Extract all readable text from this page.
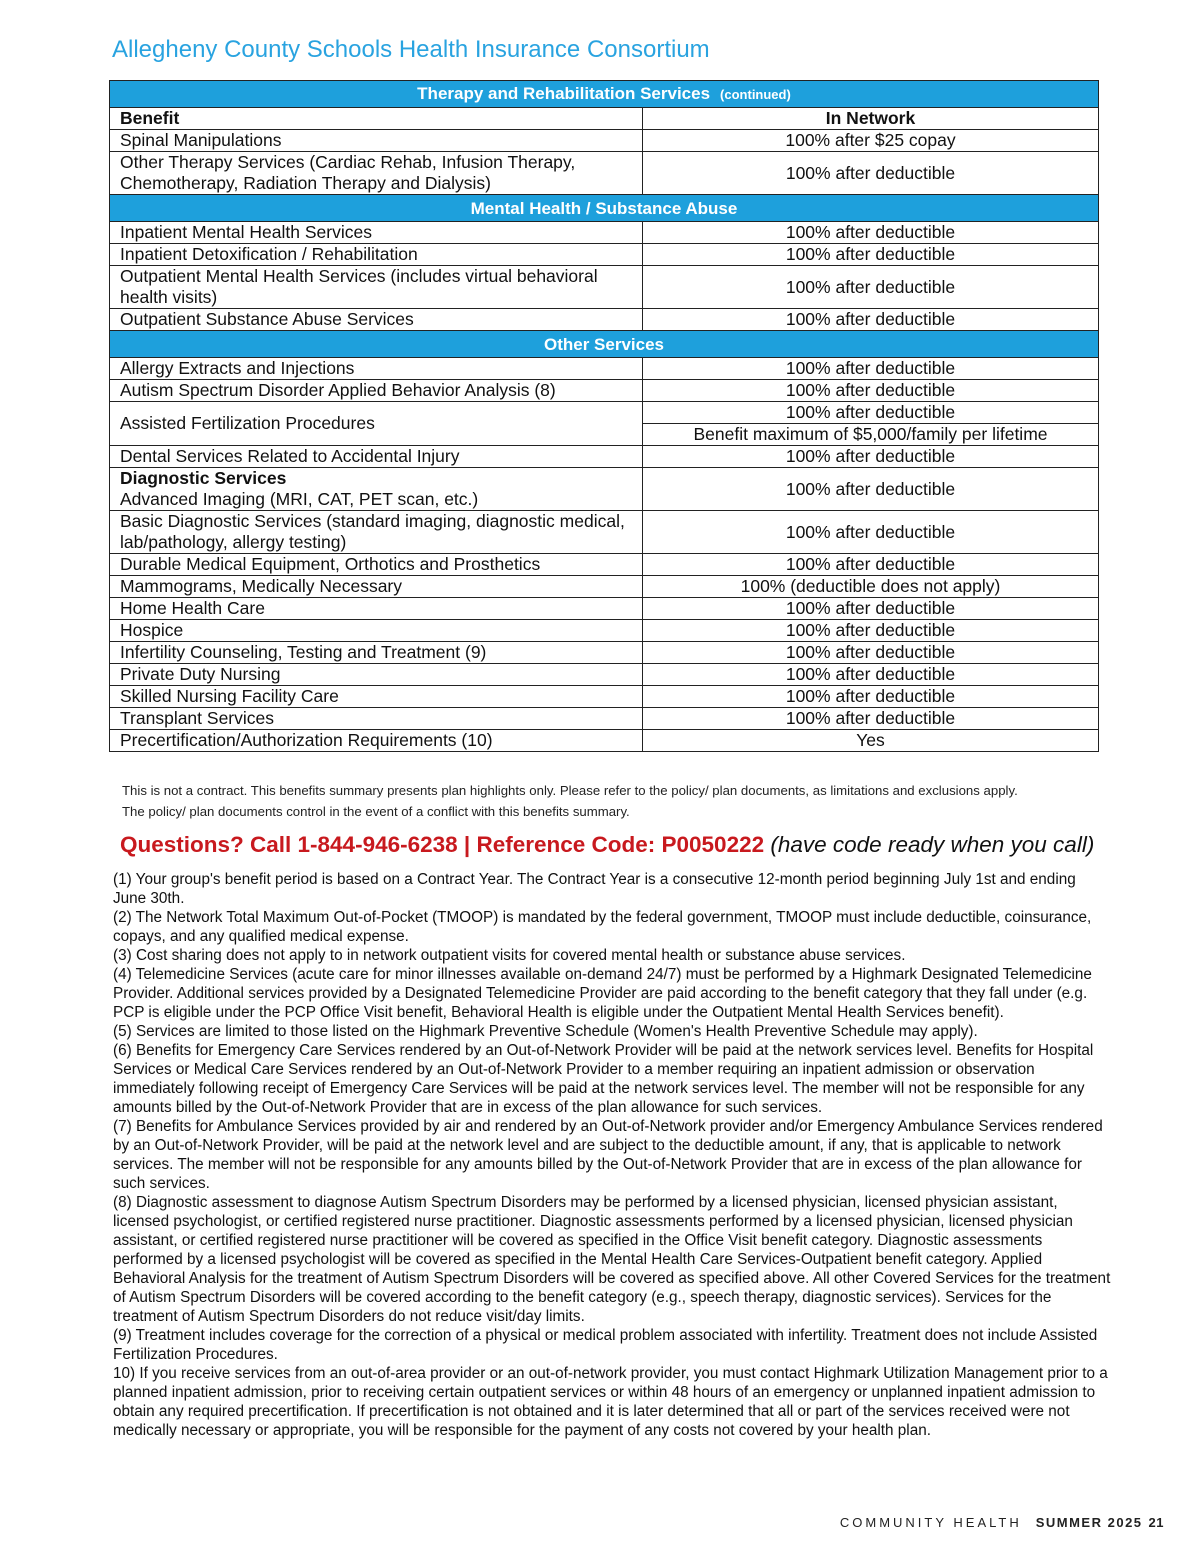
Allegheny County Schools Health Insurance Consortium
Therapy and Rehabilitation Services (continued)	
Benefit	In Network
Spinal Manipulations	100% after $25 copay
Other Therapy Services (Cardiac Rehab, Infusion Therapy, Chemotherapy, Radiation Therapy and Dialysis)	100% after deductible
Mental Health / Substance Abuse	
Inpatient Mental Health Services	100% after deductible
Inpatient Detoxification / Rehabilitation	100% after deductible
Outpatient Mental Health Services (includes virtual behavioral health visits)	100% after deductible
Outpatient Substance Abuse Services	100% after deductible
Other Services	
Allergy Extracts and Injections	100% after deductible
Autism Spectrum Disorder Applied Behavior Analysis (8)	100% after deductible
Assisted Fertilization Procedures	100% after deductible
	Benefit maximum of $5,000/family per lifetime
Dental Services Related to Accidental Injury	100% after deductible
Diagnostic Services
Advanced Imaging (MRI, CAT, PET scan, etc.)	100% after deductible
Basic Diagnostic Services (standard imaging, diagnostic medical, lab/pathology, allergy testing)	100% after deductible
Durable Medical Equipment, Orthotics and Prosthetics	100% after deductible
Mammograms, Medically Necessary	100% (deductible does not apply)
Home Health Care	100% after deductible
Hospice	100% after deductible
Infertility Counseling, Testing and Treatment (9)	100% after deductible
Private Duty Nursing	100% after deductible
Skilled Nursing Facility Care	100% after deductible
Transplant Services	100% after deductible
Precertification/Authorization Requirements (10)	Yes

This is not a contract. This benefits summary presents plan highlights only. Please refer to the policy/ plan documents, as limitations and exclusions apply.

The policy/ plan documents control in the event of a conflict with this benefits summary.

Questions? Call 1-844-946-6238 | Reference Code: P0050222 (have code ready when you call)

(1) Your group's benefit period is based on a Contract Year. The Contract Year is a consecutive 12-month period beginning July 1st and ending June 30th.

(2) The Network Total Maximum Out-of-Pocket (TMOOP) is mandated by the federal government, TMOOP must include deductible, coinsurance, copays, and any qualified medical expense.

(3) Cost sharing does not apply to in network outpatient visits for covered mental health or substance abuse services.

(4) Telemedicine Services (acute care for minor illnesses available on-demand 24/7) must be performed by a Highmark Designated Telemedicine Provider. Additional services provided by a Designated Telemedicine Provider are paid according to the benefit category that they fall under (e.g. PCP is eligible under the PCP Office Visit benefit, Behavioral Health is eligible under the Outpatient Mental Health Services benefit).

(5) Services are limited to those listed on the Highmark Preventive Schedule (Women's Health Preventive Schedule may apply).

(6) Benefits for Emergency Care Services rendered by an Out-of-Network Provider will be paid at the network services level. Benefits for Hospital Services or Medical Care Services rendered by an Out-of-Network Provider to a member requiring an inpatient admission or observation immediately following receipt of Emergency Care Services will be paid at the network services level. The member will not be responsible for any amounts billed by the Out-of-Network Provider that are in excess of the plan allowance for such services.

(7) Benefits for Ambulance Services provided by air and rendered by an Out-of-Network provider and/or Emergency Ambulance Services rendered by an Out-of-Network Provider, will be paid at the network level and are subject to the deductible amount, if any, that is applicable to network services. The member will not be responsible for any amounts billed by the Out-of-Network Provider that are in excess of the plan allowance for such services.

(8) Diagnostic assessment to diagnose Autism Spectrum Disorders may be performed by a licensed physician, licensed physician assistant, licensed psychologist, or certified registered nurse practitioner. Diagnostic assessments performed by a licensed physician, licensed physician assistant, or certified registered nurse practitioner will be covered as specified in the Office Visit benefit category. Diagnostic assessments performed by a licensed psychologist will be covered as specified in the Mental Health Care Services-Outpatient benefit category. Applied Behavioral Analysis for the treatment of Autism Spectrum Disorders will be covered as specified above. All other Covered Services for the treatment of Autism Spectrum Disorders will be covered according to the benefit category (e.g., speech therapy, diagnostic services). Services for the treatment of Autism Spectrum Disorders do not reduce visit/day limits.

(9) Treatment includes coverage for the correction of a physical or medical problem associated with infertility. Treatment does not include Assisted Fertilization Procedures.

10) If you receive services from an out-of-area provider or an out-of-network provider, you must contact Highmark Utilization Management prior to a planned inpatient admission, prior to receiving certain outpatient services or within 48 hours of an emergency or unplanned inpatient admission to obtain any required precertification. If precertification is not obtained and it is later determined that all or part of the services received were not medically necessary or appropriate, you will be responsible for the payment of any costs not covered by your health plan.

COMMUNITY HEALTH SUMMER 2025 21
